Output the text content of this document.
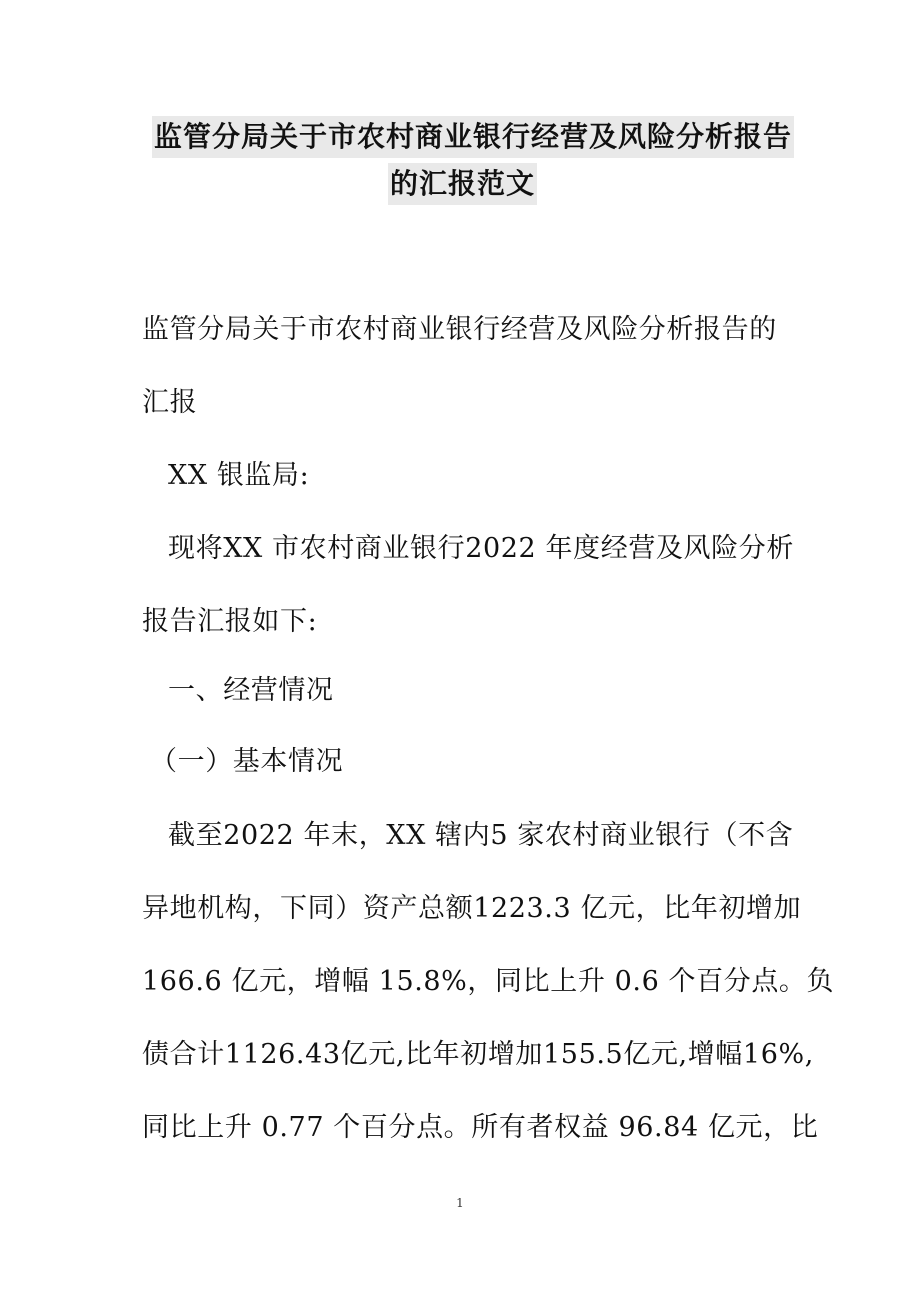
监管分局关于市农村商业银行经营及风险分析报告
的汇报范文
监管分局关于市农村商业银行经营及风险分析报告的
汇报
XX 银监局:
现将XX 市农村商业银行2022 年度经营及风险分析
报告汇报如下:
一、经营情况
（一）基本情况
截至2022 年末，XX 辖内5 家农村商业银行（不含
异地机构，下同）资产总额1223.3 亿元，比年初增加
166.6 亿元，增幅 15.8%，同比上升 0.6 个百分点。负
债合计1126.43亿元,比年初增加155.5亿元,增幅16%,
同比上升 0.77 个百分点。所有者权益 96.84 亿元，比
1
